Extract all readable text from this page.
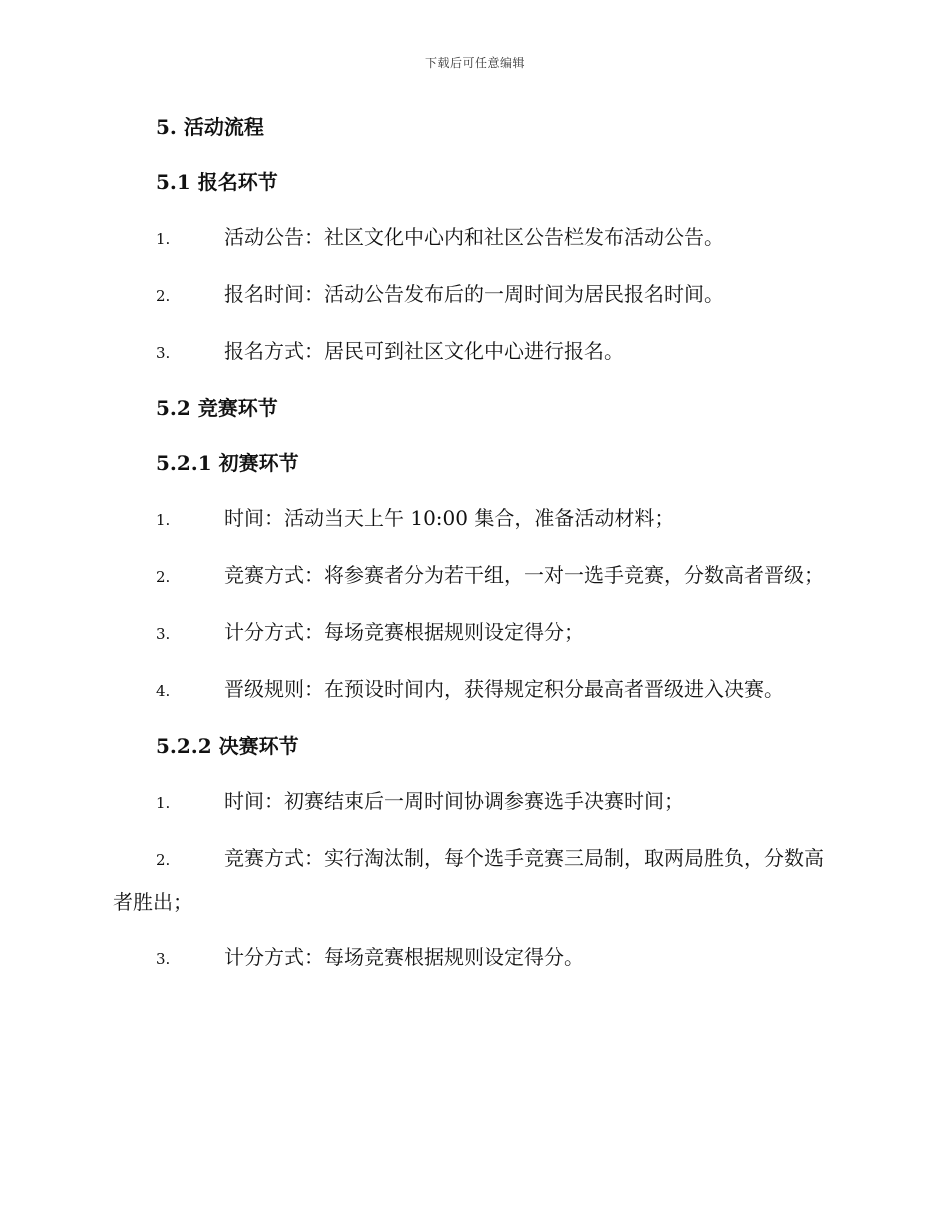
下载后可任意编辑
5. 活动流程
5.1 报名环节
1.	活动公告：社区文化中心内和社区公告栏发布活动公告。
2.	报名时间：活动公告发布后的一周时间为居民报名时间。
3.	报名方式：居民可到社区文化中心进行报名。
5.2 竞赛环节
5.2.1 初赛环节
1.	时间：活动当天上午 10:00 集合，准备活动材料；
2.	竞赛方式：将参赛者分为若干组，一对一选手竞赛，分数高者晋级；
3.	计分方式：每场竞赛根据规则设定得分；
4.	晋级规则：在预设时间内，获得规定积分最高者晋级进入决赛。
5.2.2 决赛环节
1.	时间：初赛结束后一周时间协调参赛选手决赛时间；
2.	竞赛方式：实行淘汰制，每个选手竞赛三局制，取两局胜负，分数高者胜出；
3.	计分方式：每场竞赛根据规则设定得分。
